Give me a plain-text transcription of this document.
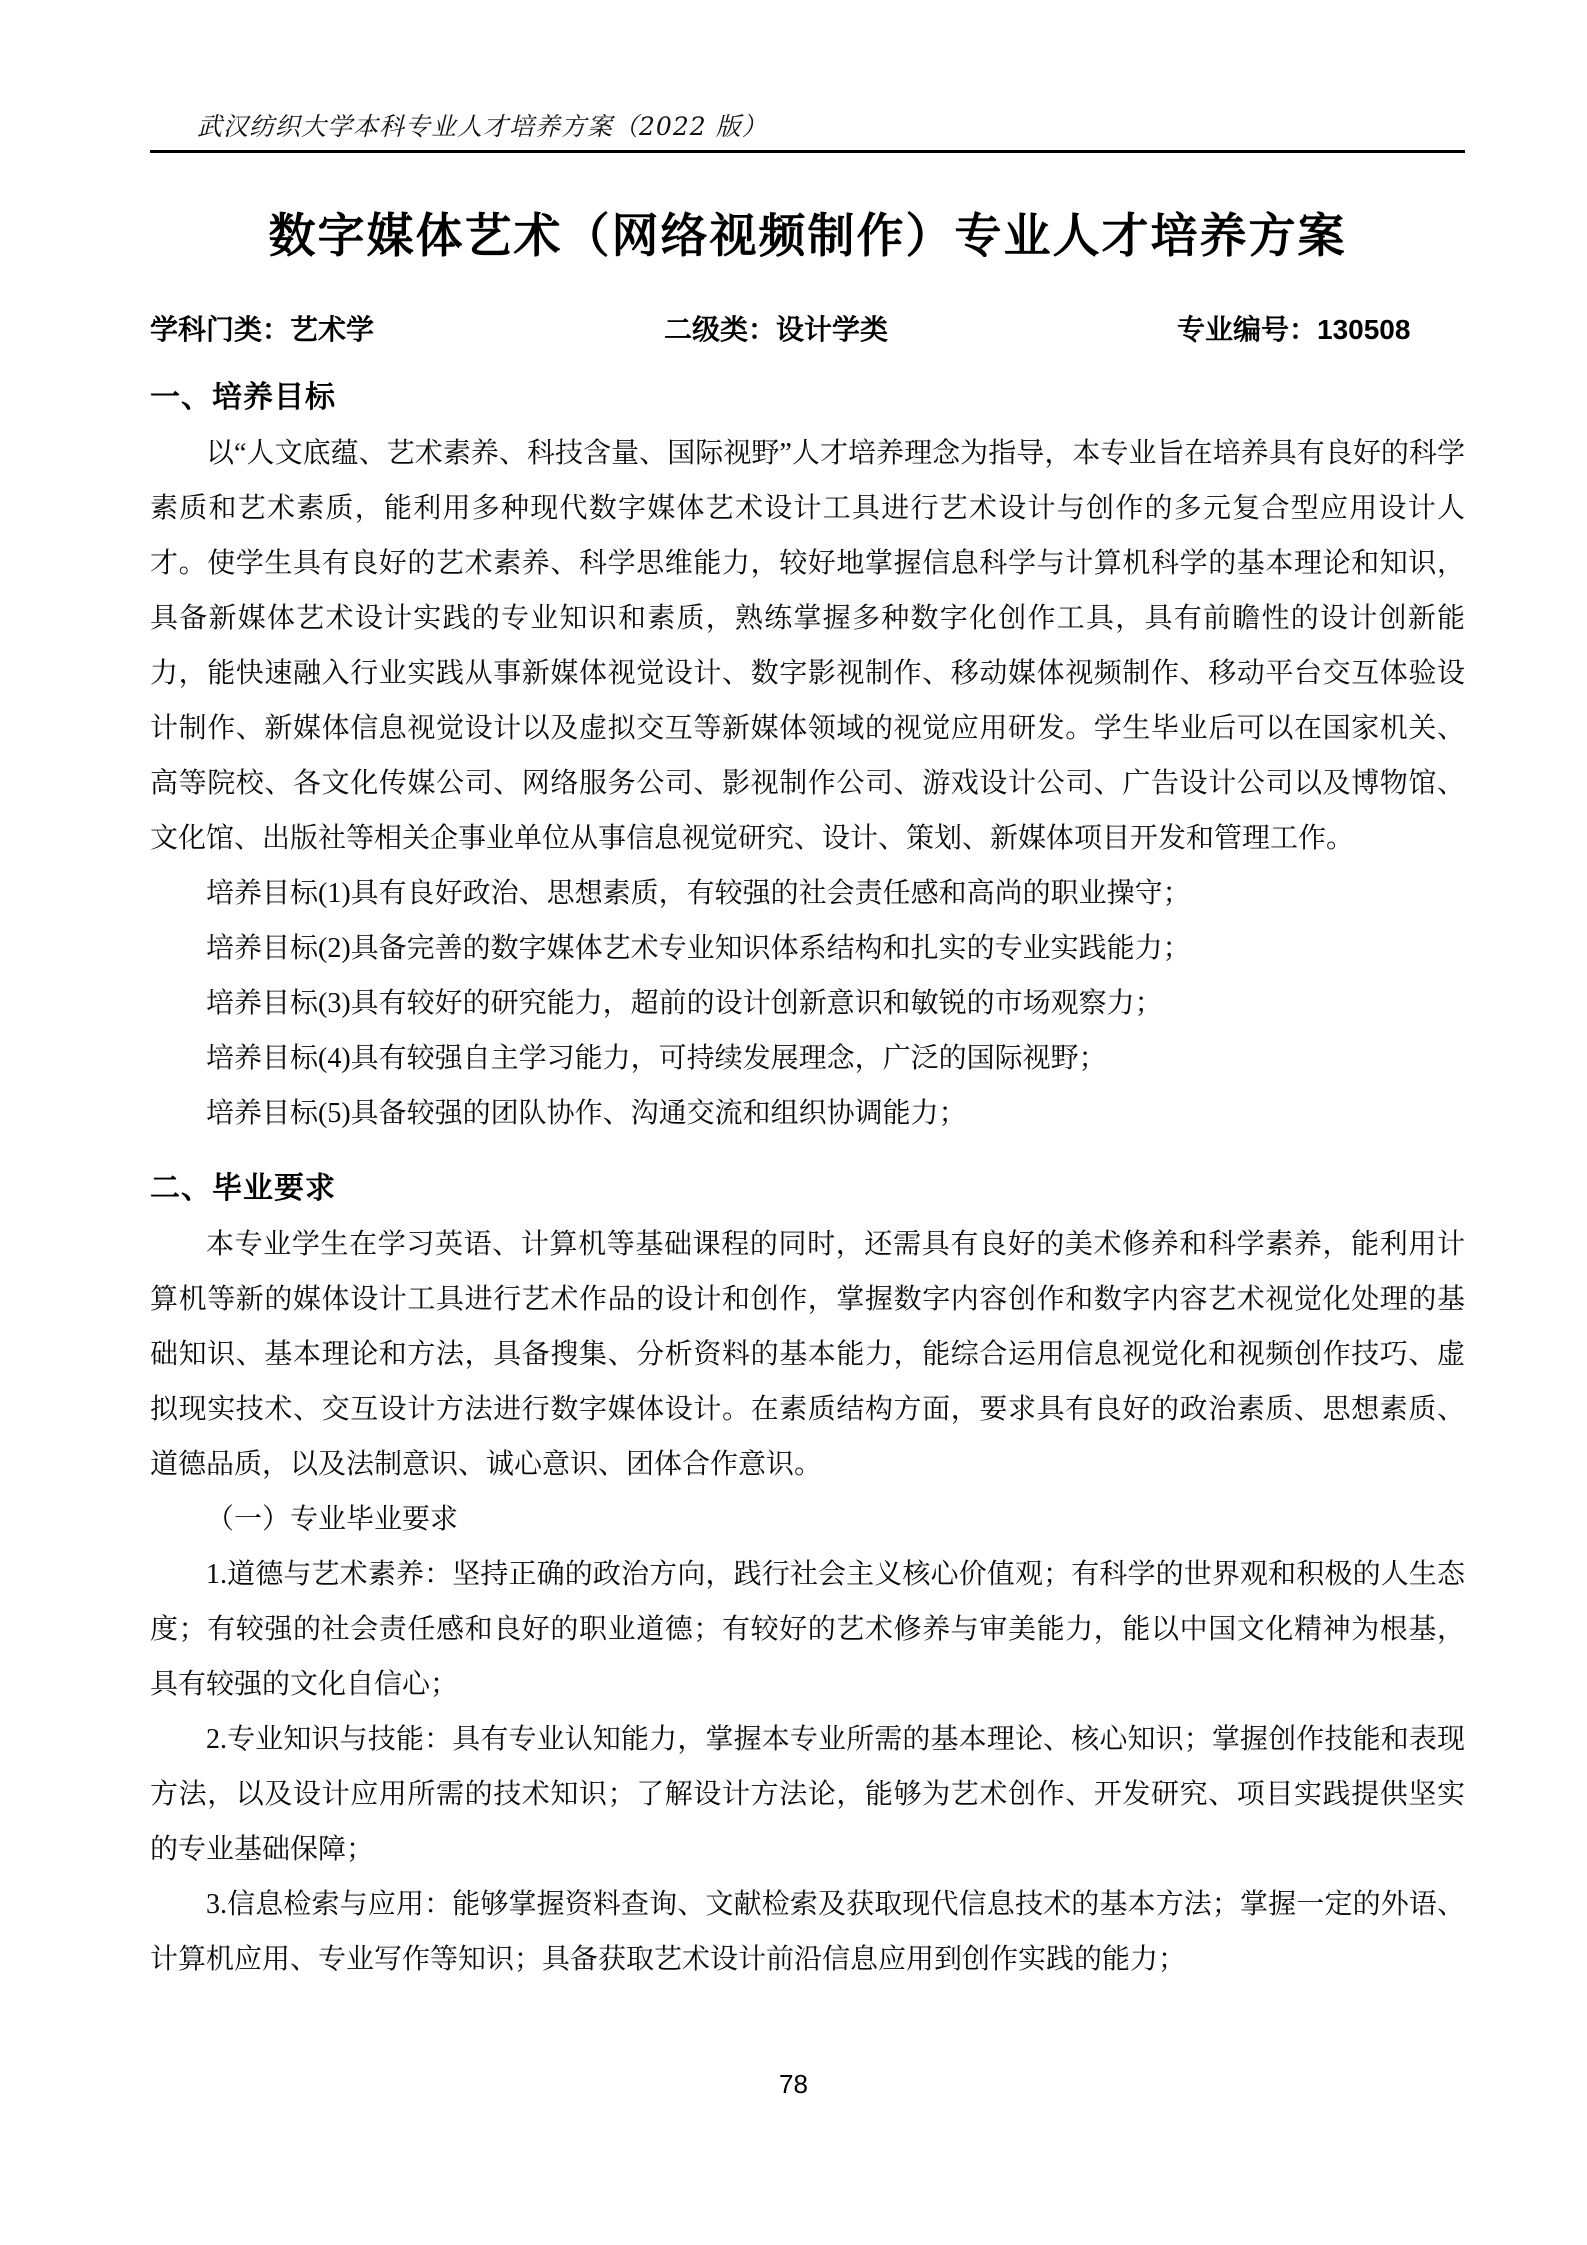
武汉纺织大学本科专业人才培养方案（2022 版）
数字媒体艺术（网络视频制作）专业人才培养方案
学科门类：艺术学	二级类：设计学类	专业编号：130508
一、培养目标

以“人文底蕴、艺术素养、科技含量、国际视野”人才培养理念为指导，本专业旨在培养具有良好的科学素质和艺术素质，能利用多种现代数字媒体艺术设计工具进行艺术设计与创作的多元复合型应用设计人才。使学生具有良好的艺术素养、科学思维能力，较好地掌握信息科学与计算机科学的基本理论和知识，具备新媒体艺术设计实践的专业知识和素质，熟练掌握多种数字化创作工具，具有前瞻性的设计创新能力，能快速融入行业实践从事新媒体视觉设计、数字影视制作、移动媒体视频制作、移动平台交互体验设计制作、新媒体信息视觉设计以及虚拟交互等新媒体领域的视觉应用研发。学生毕业后可以在国家机关、高等院校、各文化传媒公司、网络服务公司、影视制作公司、游戏设计公司、广告设计公司以及博物馆、文化馆、出版社等相关企事业单位从事信息视觉研究、设计、策划、新媒体项目开发和管理工作。

培养目标(1)具有良好政治、思想素质，有较强的社会责任感和高尚的职业操守；

培养目标(2)具备完善的数字媒体艺术专业知识体系结构和扎实的专业实践能力；

培养目标(3)具有较好的研究能力，超前的设计创新意识和敏锐的市场观察力；

培养目标(4)具有较强自主学习能力，可持续发展理念，广泛的国际视野；

培养目标(5)具备较强的团队协作、沟通交流和组织协调能力；

二、毕业要求

本专业学生在学习英语、计算机等基础课程的同时，还需具有良好的美术修养和科学素养，能利用计算机等新的媒体设计工具进行艺术作品的设计和创作，掌握数字内容创作和数字内容艺术视觉化处理的基础知识、基本理论和方法，具备搜集、分析资料的基本能力，能综合运用信息视觉化和视频创作技巧、虚拟现实技术、交互设计方法进行数字媒体设计。在素质结构方面，要求具有良好的政治素质、思想素质、道德品质，以及法制意识、诚心意识、团体合作意识。

（一）专业毕业要求

1.道德与艺术素养：坚持正确的政治方向，践行社会主义核心价值观；有科学的世界观和积极的人生态度；有较强的社会责任感和良好的职业道德；有较好的艺术修养与审美能力，能以中国文化精神为根基，具有较强的文化自信心；

2.专业知识与技能：具有专业认知能力，掌握本专业所需的基本理论、核心知识；掌握创作技能和表现方法，以及设计应用所需的技术知识；了解设计方法论，能够为艺术创作、开发研究、项目实践提供坚实的专业基础保障；

3.信息检索与应用：能够掌握资料查询、文献检索及获取现代信息技术的基本方法；掌握一定的外语、计算机应用、专业写作等知识；具备获取艺术设计前沿信息应用到创作实践的能力；

78
